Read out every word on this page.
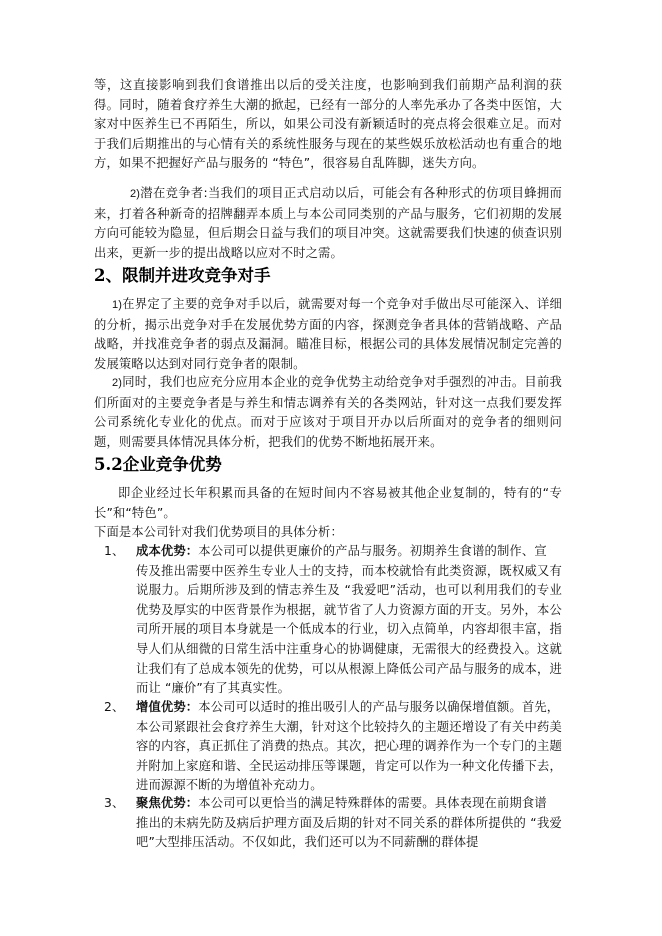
等，这直接影响到我们食谱推出以后的受关注度，也影响到我们前期产品利润的获得。同时，随着食疗养生大潮的掀起，已经有一部分的人率先承办了各类中医馆，大家对中医养生已不再陌生，所以，如果公司没有新颖适时的亮点将会很难立足。而对于我们后期推出的与心情有关的系统性服务与现在的某些娱乐放松活动也有重合的地方，如果不把握好产品与服务的 “特色”，很容易自乱阵脚，迷失方向。

2)潜在竞争者:当我们的项目正式启动以后，可能会有各种形式的仿项目蜂拥而来，打着各种新奇的招牌翻弄本质上与本公司同类别的产品与服务，它们初期的发展方向可能较为隐显，但后期会日益与我们的项目冲突。这就需要我们快速的侦查识别出来，更新一步的提出战略以应对不时之需。

2、限制并进攻竞争对手

1)在界定了主要的竞争对手以后，就需要对每一个竞争对手做出尽可能深入、详细的分析，揭示出竞争对手在发展优势方面的内容，探测竞争者具体的营销战略、产品战略，并找准竞争者的弱点及漏洞。瞄准目标，根据公司的具体发展情况制定完善的发展策略以达到对同行竞争者的限制。

2)同时，我们也应充分应用本企业的竞争优势主动给竞争对手强烈的冲击。目前我们所面对的主要竞争者是与养生和情志调养有关的各类网站，针对这一点我们要发挥公司系统化专业化的优点。而对于应该对于项目开办以后所面对的竞争者的细则问题，则需要具体情况具体分析，把我们的优势不断地拓展开来。

5.2企业竞争优势

即企业经过长年积累而具备的在短时间内不容易被其他企业复制的，特有的“专长”和“特色”。

下面是本公司针对我们优势项目的具体分析：

1、 成本优势：本公司可以提供更廉价的产品与服务。初期养生食谱的制作、宣
传及推出需要中医养生专业人士的支持，而本校就恰有此类资源，既权威又有说服力。后期所涉及到的情志养生及 “我爱吧”活动，也可以利用我们的专业优势及厚实的中医背景作为根据，就节省了人力资源方面的开支。另外，本公司所开展的项目本身就是一个低成本的行业，切入点简单，内容却很丰富，指导人们从细微的日常生活中注重身心的协调健康，无需很大的经费投入。这就让我们有了总成本领先的优势，可以从根源上降低公司产品与服务的成本，进而让 “廉价”有了其真实性。
2、 增值优势：本公司可以适时的推出吸引人的产品与服务以确保增值额。首先，
本公司紧跟社会食疗养生大潮，针对这个比较持久的主题还增设了有关中药美容的内容，真正抓住了消费的热点。其次，把心理的调养作为一个专门的主题并附加上家庭和谐、全民运动排压等课题，肯定可以作为一种文化传播下去，进而源源不断的为增值补充动力。
3、 聚焦优势：本公司可以更恰当的满足特殊群体的需要。具体表现在前期食谱
推出的未病先防及病后护理方面及后期的针对不同关系的群体所提供的 “我爱吧”大型排压活动。不仅如此，我们还可以为不同薪酬的群体提
